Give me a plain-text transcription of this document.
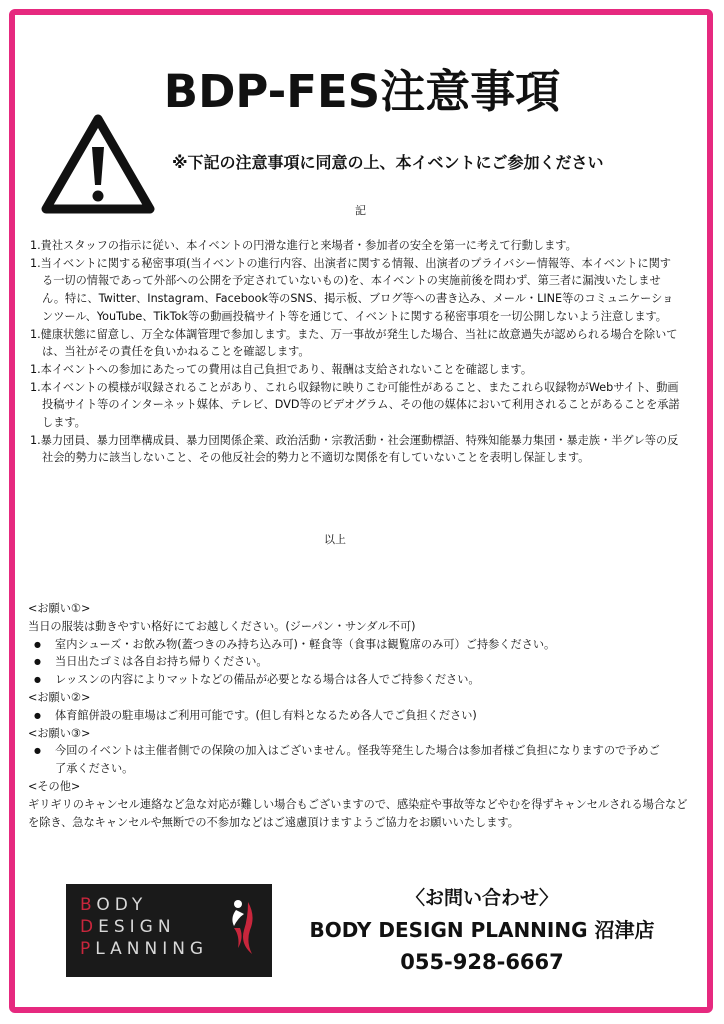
BDP-FES注意事項
※下記の注意事項に同意の上、本イベントにご参加ください
記
1.貴社スタッフの指示に従い、本イベントの円滑な進行と来場者・参加者の安全を第一に考えて行動します。
1.当イベントに関する秘密事項(当イベントの進行内容、出演者に関する情報、出演者のプライバシー情報等、本イベントに関する一切の情報であって外部への公開を予定されていないもの)を、本イベントの実施前後を問わず、第三者に漏洩いたしません。特に、Twitter、Instagram、Facebook等のSNS、掲示板、ブログ等への書き込み、メール・LINE等のコミュニケーションツール、YouTube、TikTok等の動画投稿サイト等を通じて、イベントに関する秘密事項を一切公開しないよう注意します。
1.健康状態に留意し、万全な体調管理で参加します。また、万一事故が発生した場合、当社に故意過失が認められる場合を除いては、当社がその責任を負いかねることを確認します。
1.本イベントへの参加にあたっての費用は自己負担であり、報酬は支給されないことを確認します。
1.本イベントの模様が収録されることがあり、これら収録物に映りこむ可能性があること、またこれら収録物がWebサイト、動画投稿サイト等のインターネット媒体、テレビ、DVD等のビデオグラム、その他の媒体において利用されることがあることを承諾します。
1.暴力団員、暴力団準構成員、暴力団関係企業、政治活動・宗教活動・社会運動標語、特殊知能暴力集団・暴走族・半グレ等の反社会的勢力に該当しないこと、その他反社会的勢力と不適切な関係を有していないことを表明し保証します。
以上
<お願い①>
当日の服装は動きやすい格好にてお越しください。(ジーパン・サンダル不可)
● 室内シューズ・お飲み物(蓋つきのみ持ち込み可)・軽食等（食事は観覧席のみ可）ご持参ください。
● 当日出たゴミは各自お持ち帰りください。
● レッスンの内容によりマットなどの備品が必要となる場合は各人でご持参ください。
<お願い②>
● 体育館併設の駐車場はご利用可能です。(但し有料となるため各人でご負担ください)
<お願い③>
● 今回のイベントは主催者側での保険の加入はございません。怪我等発生した場合は参加者様ご負担になりますので予めご了承ください。
<その他>
ギリギリのキャンセル連絡など急な対応が難しい場合もございますので、感染症や事故等などやむを得ずキャンセルされる場合などを除き、急なキャンセルや無断での不参加などはご遠慮頂けますようご協力をお願いいたします。
BODY
DESIGN
PLANNING
〈お問い合わせ〉
BODY DESIGN PLANNING 沼津店
055-928-6667
